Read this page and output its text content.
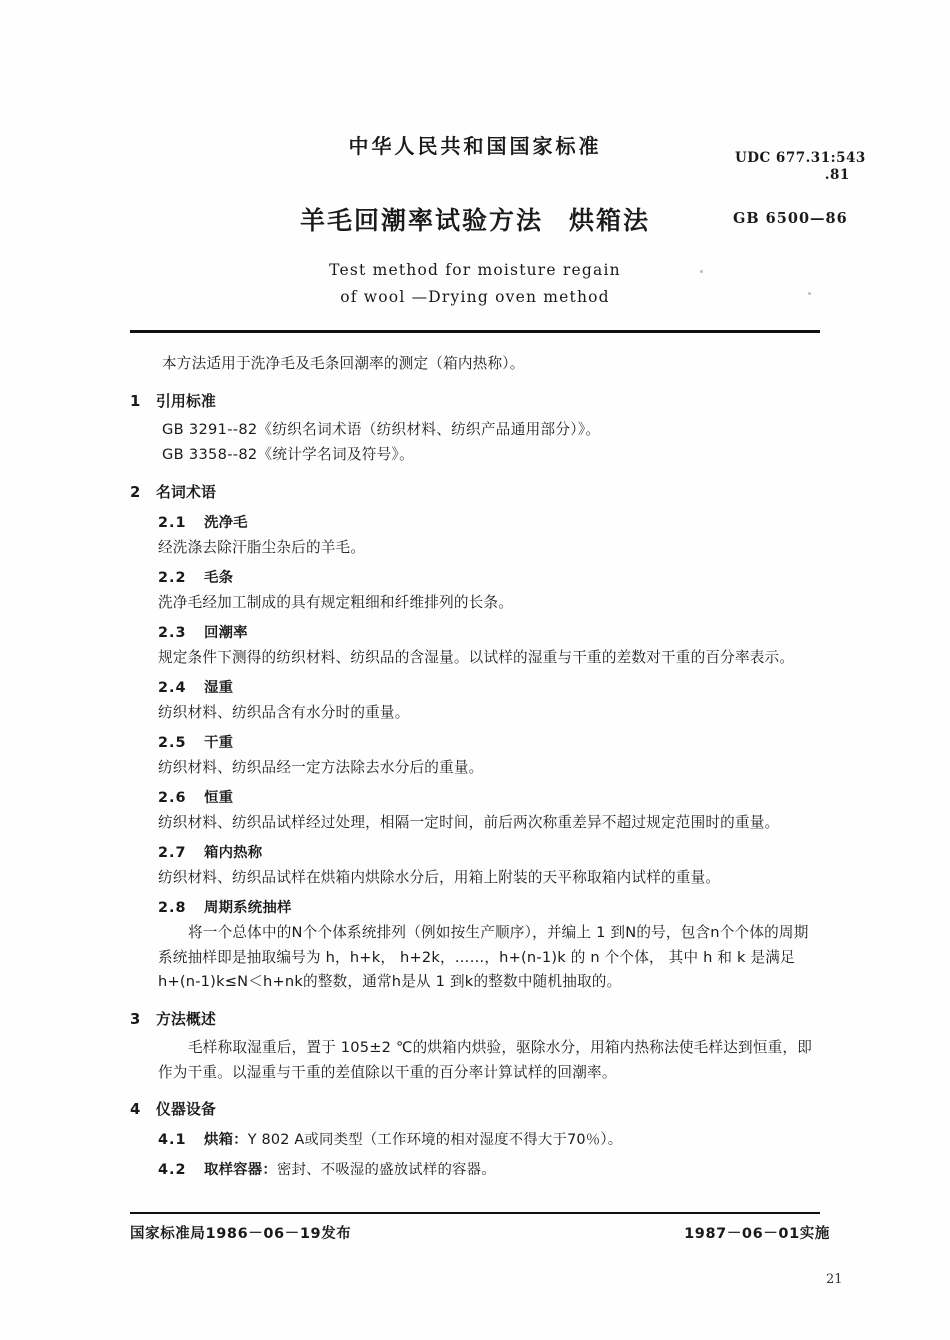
中华人民共和国国家标准
羊毛回潮率试验方法 烘箱法
Test method for moisture regain
of wool —Drying oven method
UDC 677.31:543
.81
GB 6500—86

本方法适用于洗净毛及毛条回潮率的测定（箱内热称）。

1 引用标准

GB 3291--82《纺织名词术语（纺织材料、纺织产品通用部分）》。

GB 3358--82《统计学名词及符号》。

2 名词术语
2.1 洗净毛

经洗涤去除汗脂尘杂后的羊毛。

2.2 毛条

洗净毛经加工制成的具有规定粗细和纤维排列的长条。

2.3 回潮率

规定条件下测得的纺织材料、纺织品的含湿量。以试样的湿重与干重的差数对干重的百分率表示。

2.4 湿重

纺织材料、纺织品含有水分时的重量。

2.5 干重

纺织材料、纺织品经一定方法除去水分后的重量。

2.6 恒重

纺织材料、纺织品试样经过处理，相隔一定时间，前后两次称重差异不超过规定范围时的重量。

2.7 箱内热称

纺织材料、纺织品试样在烘箱内烘除水分后，用箱上附装的天平称取箱内试样的重量。

2.8 周期系统抽样

将一个总体中的N个个体系统排列（例如按生产顺序），并编上 1 到N的号，包含n个个体的周期

系统抽样即是抽取编号为 h，h+k， h+2k，……，h+(n-1)k 的 n 个个体， 其中 h 和 k 是满足

h+(n-1)k≤N＜h+nk的整数，通常h是从 1 到k的整数中随机抽取的。

3 方法概述

毛样称取湿重后，置于 105±2 ℃的烘箱内烘验，驱除水分，用箱内热称法使毛样达到恒重，即

作为干重。以湿重与干重的差值除以干重的百分率计算试样的回潮率。

4 仪器设备
4.1 烘箱：Y 802 A或同类型（工作环境的相对湿度不得大于70％）。
4.2 取样容器：密封、不吸湿的盛放试样的容器。
国家标准局1986－06－19发布	1987－06－01实施
21
